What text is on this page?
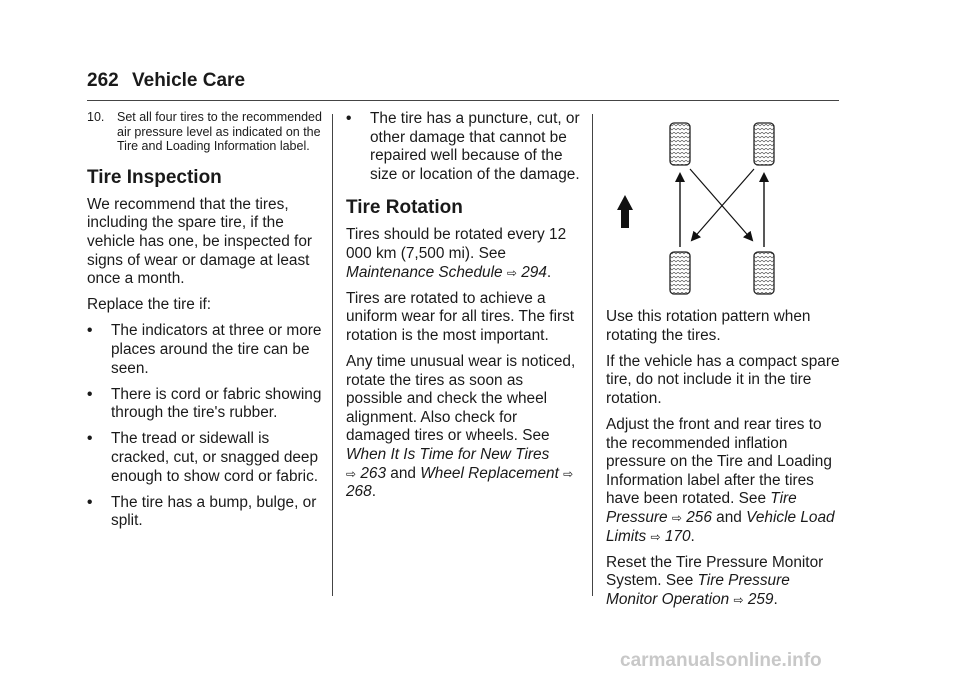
262 Vehicle Care
10.	Set all four tires to the recommended air pressure level as indicated on the Tire and Loading Information label.
Tire Inspection

We recommend that the tires, including the spare tire, if the vehicle has one, be inspected for signs of wear or damage at least once a month.

Replace the tire if:

•	The indicators at three or more places around the tire can be seen.
•	There is cord or fabric showing through the tire's rubber.
•	The tread or sidewall is cracked, cut, or snagged deep enough to show cord or fabric.
•	The tire has a bump, bulge, or split.
•	The tire has a puncture, cut, or other damage that cannot be repaired well because of the size or location of the damage.
Tire Rotation

Tires should be rotated every 12 000 km (7,500 mi). See Maintenance Schedule ⇨ 294.

Tires are rotated to achieve a uniform wear for all tires. The first rotation is the most important.

Any time unusual wear is noticed, rotate the tires as soon as possible and check the wheel alignment. Also check for damaged tires or wheels. See When It Is Time for New Tires
⇨ 263 and Wheel Replacement ⇨ 268.

Use this rotation pattern when rotating the tires.

If the vehicle has a compact spare tire, do not include it in the tire rotation.

Adjust the front and rear tires to the recommended inflation pressure on the Tire and Loading Information label after the tires have been rotated. See Tire Pressure ⇨ 256 and Vehicle Load Limits ⇨ 170.

Reset the Tire Pressure Monitor System. See Tire Pressure Monitor Operation ⇨ 259.

carmanualsonline.info
